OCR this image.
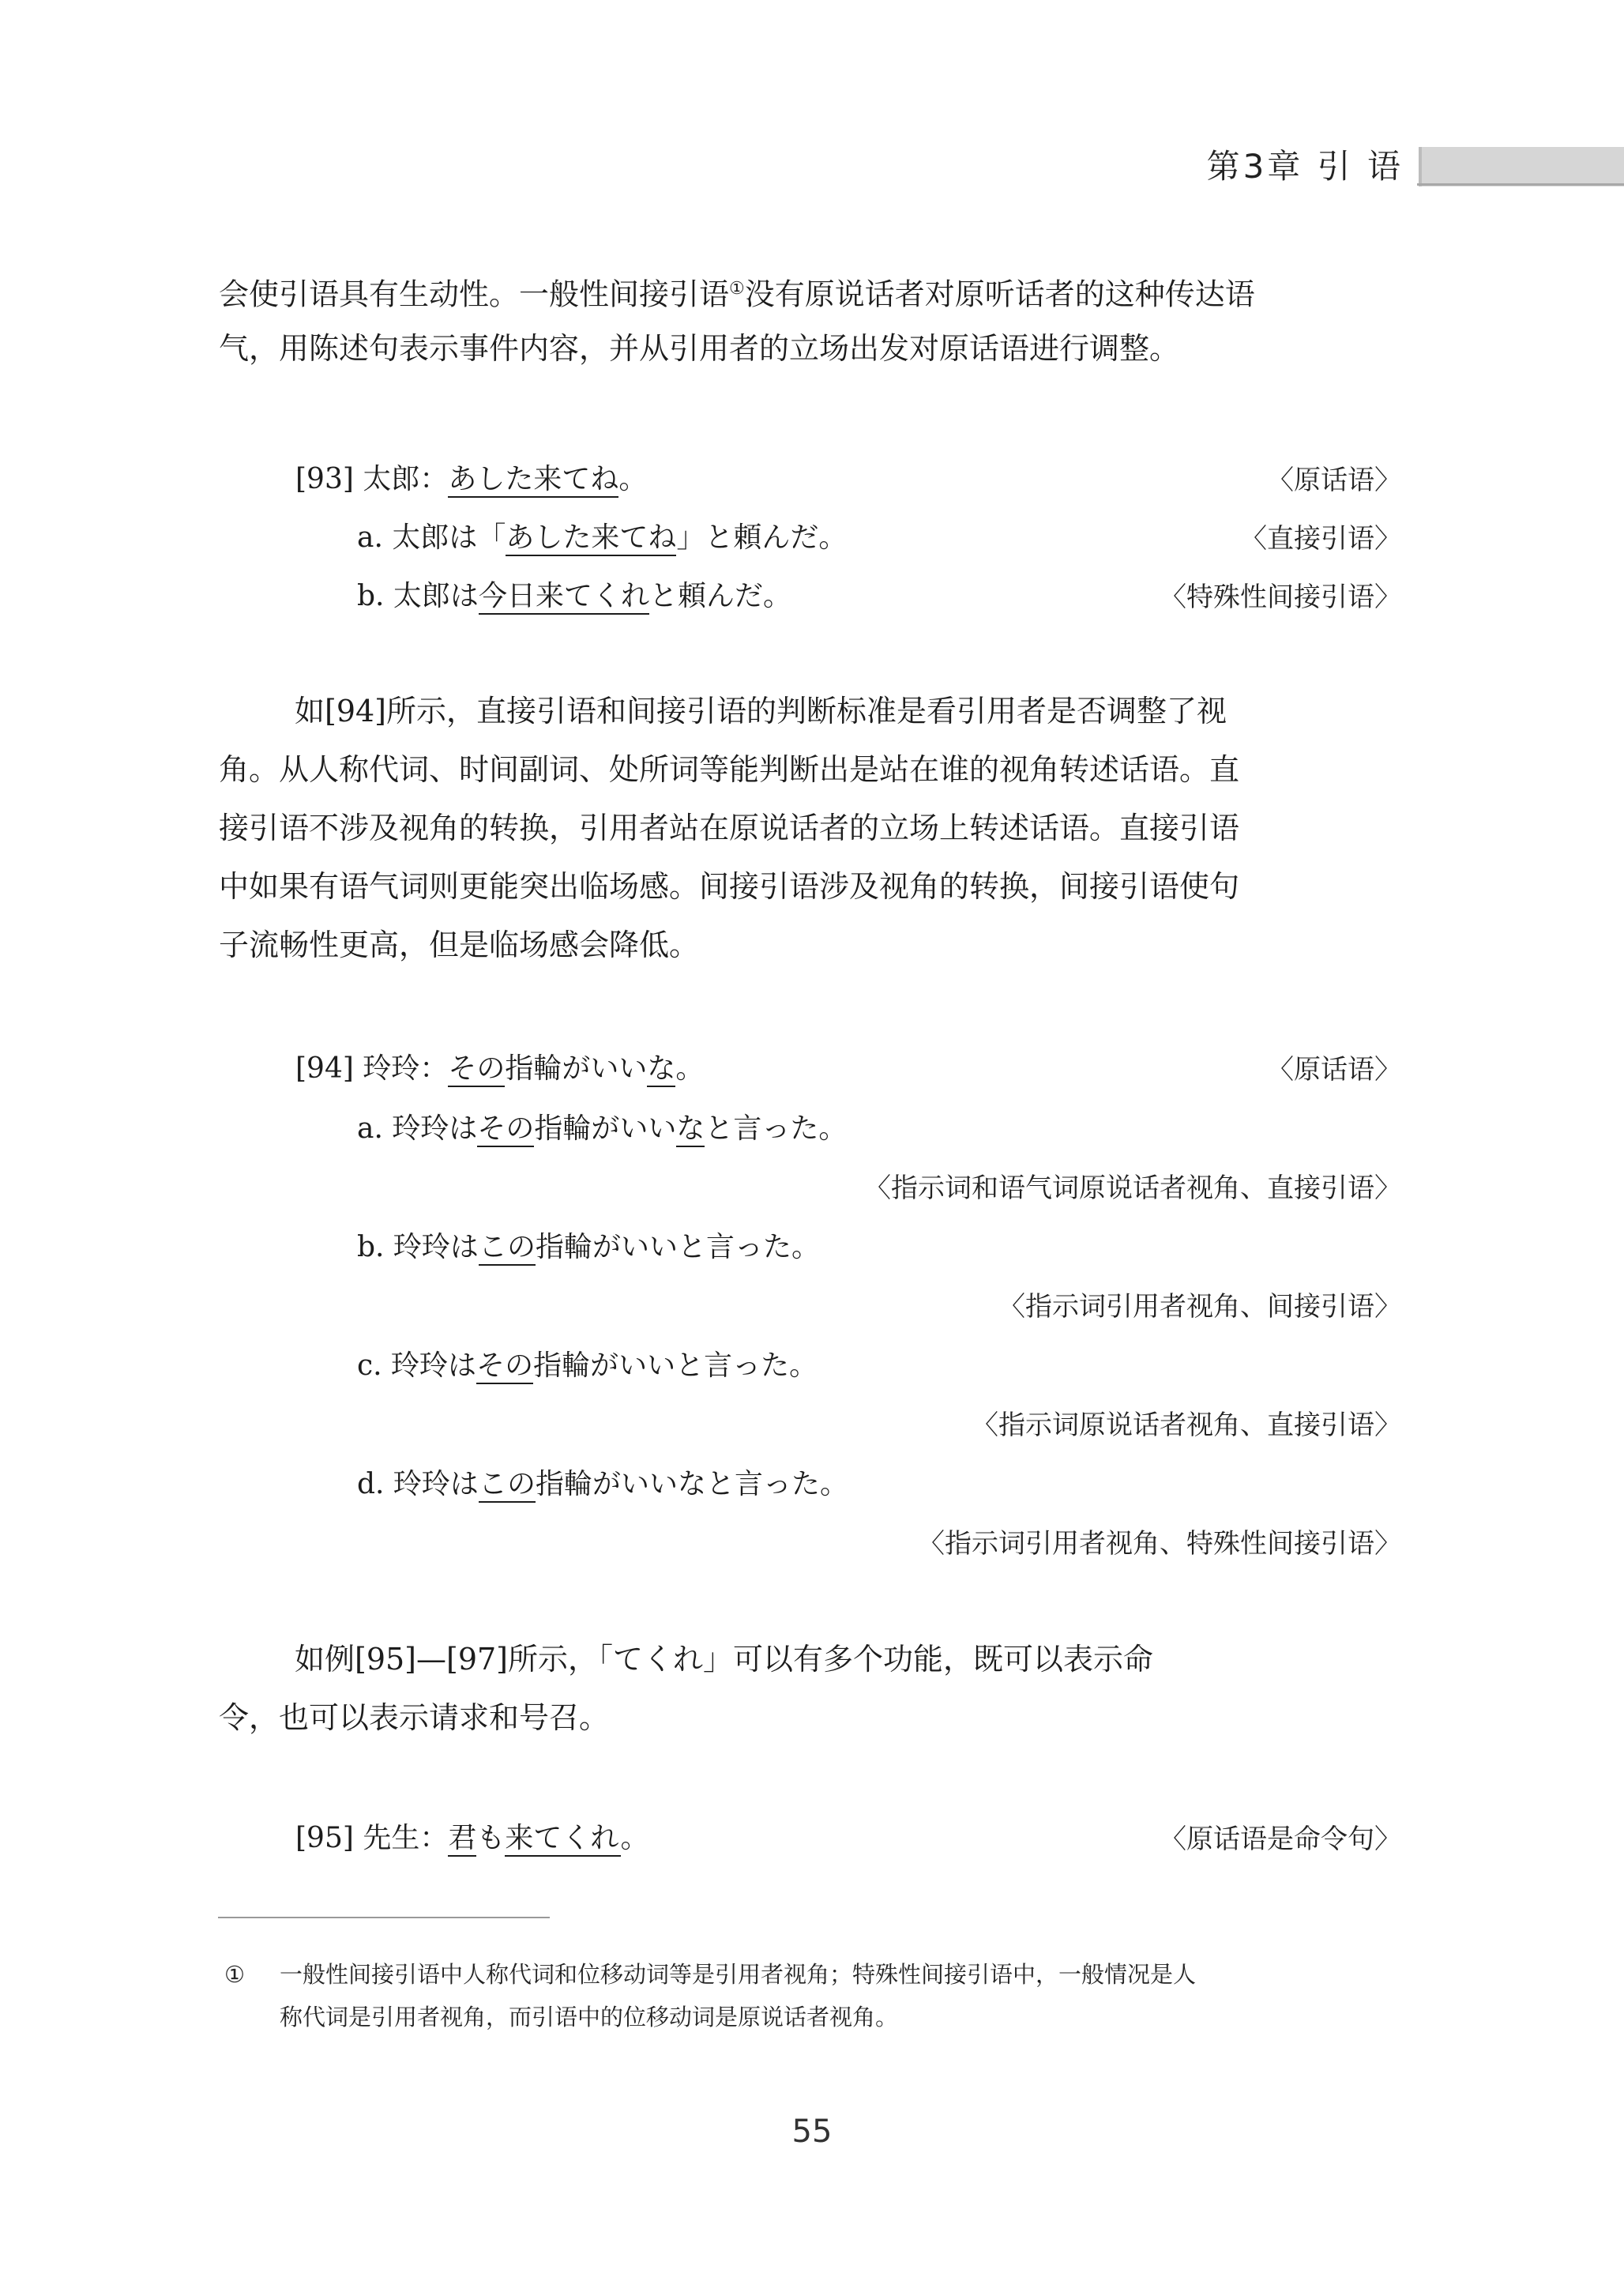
第3章 引 语
会使引语具有生动性。一般性间接引语①没有原说话者对原听话者的这种传达语
气，用陈述句表示事件内容，并从引用者的立场出发对原话语进行调整。
[93] 太郎：あした来てね。	〈原话语〉
a. 太郎は「あした来てね」と頼んだ。	〈直接引语〉
b. 太郎は今日来てくれと頼んだ。	〈特殊性间接引语〉
如[94]所示，直接引语和间接引语的判断标准是看引用者是否调整了视
角。从人称代词、时间副词、处所词等能判断出是站在谁的视角转述话语。直
接引语不涉及视角的转换，引用者站在原说话者的立场上转述话语。直接引语
中如果有语气词则更能突出临场感。间接引语涉及视角的转换，间接引语使句
子流畅性更高，但是临场感会降低。
[94] 玲玲：その指輪がいいな。	〈原话语〉
a. 玲玲はその指輪がいいなと言った。
〈指示词和语气词原说话者视角、直接引语〉
b. 玲玲はこの指輪がいいと言った。
〈指示词引用者视角、间接引语〉
c. 玲玲はその指輪がいいと言った。
〈指示词原说话者视角、直接引语〉
d. 玲玲はこの指輪がいいなと言った。
〈指示词引用者视角、特殊性间接引语〉
如例[95]—[97]所示，「てくれ」可以有多个功能，既可以表示命
令，也可以表示请求和号召。
[95] 先生：君も来てくれ。	〈原话语是命令句〉
① 一般性间接引语中人称代词和位移动词等是引用者视角；特殊性间接引语中，一般情况是人
称代词是引用者视角，而引语中的位移动词是原说话者视角。
55
